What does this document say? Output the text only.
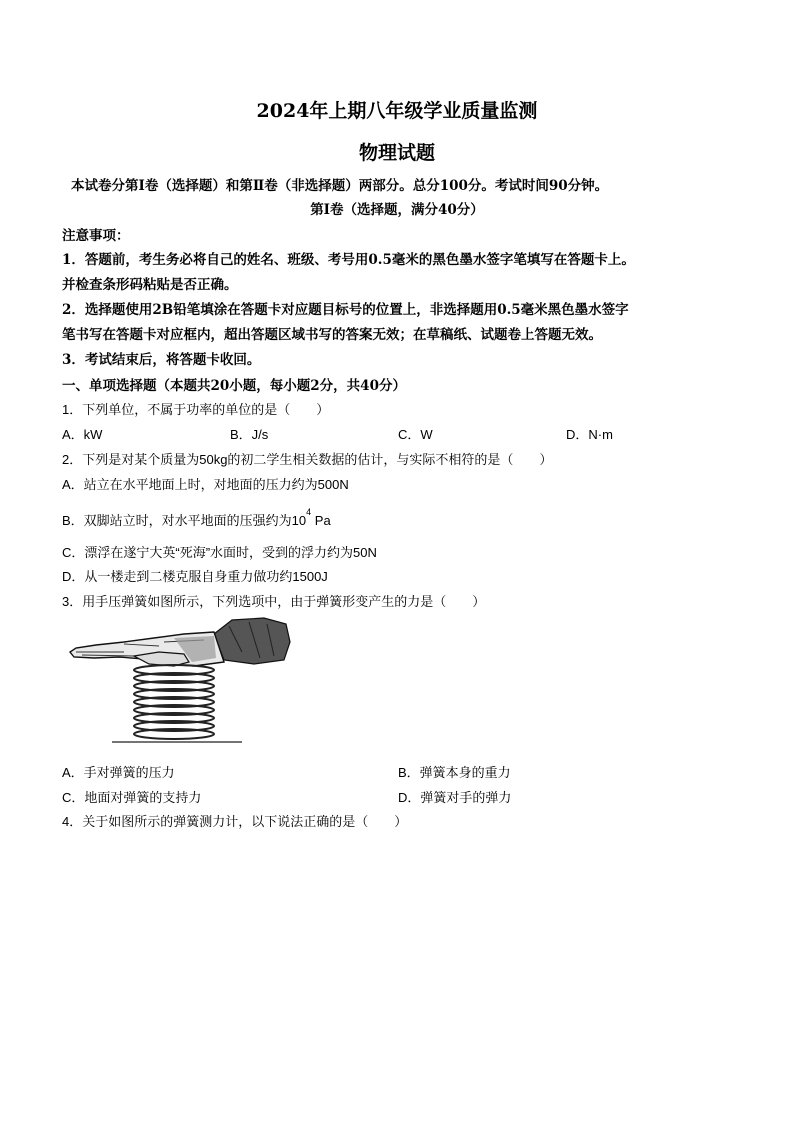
2024年上期八年级学业质量监测
物理试题
本试卷分第Ⅰ卷（选择题）和第Ⅱ卷（非选择题）两部分。总分100分。考试时间90分钟。
第Ⅰ卷（选择题，满分40分）
注意事项：
1．答题前，考生务必将自己的姓名、班级、考号用0.5毫米的黑色墨水签字笔填写在答题卡上。
并检查条形码粘贴是否正确。
2．选择题使用2B铅笔填涂在答题卡对应题目标号的位置上，非选择题用0.5毫米黑色墨水签字
笔书写在答题卡对应框内，超出答题区域书写的答案无效；在草稿纸、试题卷上答题无效。
3．考试结束后，将答题卡收回。
一、单项选择题（本题共20小题，每小题2分，共40分）
1．下列单位，不属于功率的单位的是（　　）
A．kW	B．J/s	C．W	D．N·m
2．下列是对某个质量为50kg的初二学生相关数据的估计，与实际不相符的是（　　）
A．站立在水平地面上时，对地面的压力约为500N
B．双脚站立时，对水平地面的压强约为$10^4$ Pa
C．漂浮在遂宁大英“死海”水面时，受到的浮力约为50N
D．从一楼走到二楼克服自身重力做功约1500J
3．用手压弹簧如图所示，下列选项中，由于弹簧形变产生的力是（　　）
A．手对弹簧的压力	B．弹簧本身的重力
C．地面对弹簧的支持力	D．弹簧对手的弹力
4．关于如图所示的弹簧测力计，以下说法正确的是（　　）
